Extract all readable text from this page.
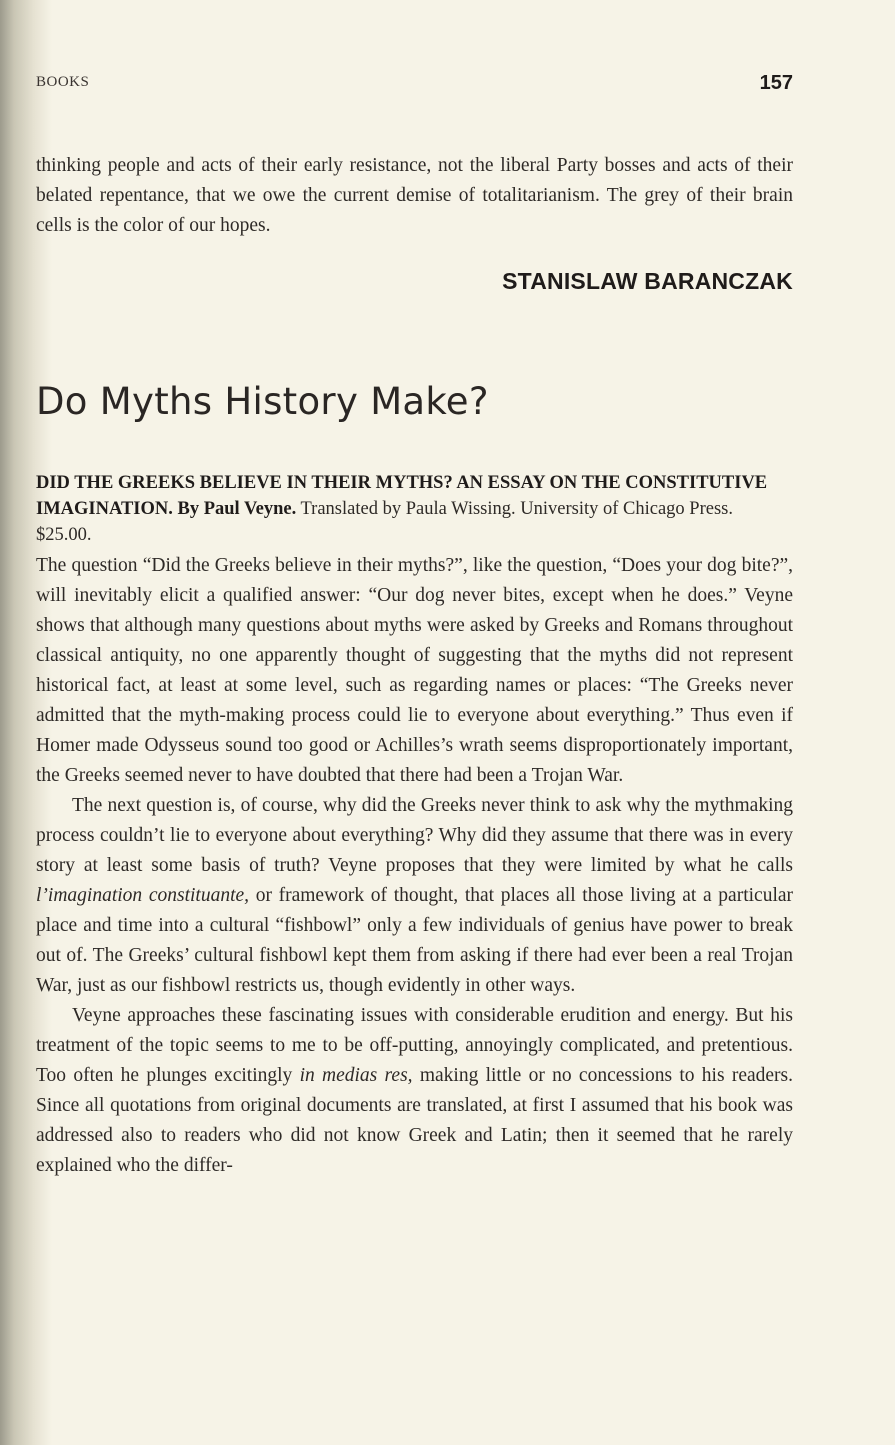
BOOKS	157

thinking people and acts of their early resistance, not the liberal Party bosses and acts of their belated repentance, that we owe the current demise of totalitarianism. The grey of their brain cells is the color of our hopes.

STANISLAW BARANCZAK
Do Myths History Make?
DID THE GREEKS BELIEVE IN THEIR MYTHS? AN ESSAY ON THE CONSTITUTIVE IMAGINATION. By Paul Veyne. Translated by Paula Wissing. University of Chicago Press. $25.00.

The question “Did the Greeks believe in their myths?”, like the question, “Does your dog bite?”, will inevitably elicit a qualified answer: “Our dog never bites, except when he does.” Veyne shows that although many questions about myths were asked by Greeks and Romans throughout classical antiquity, no one apparently thought of suggesting that the myths did not represent historical fact, at least at some level, such as regarding names or places: “The Greeks never admitted that the myth-making process could lie to everyone about everything.” Thus even if Homer made Odysseus sound too good or Achilles’s wrath seems disproportionately important, the Greeks seemed never to have doubted that there had been a Trojan War.

The next question is, of course, why did the Greeks never think to ask why the mythmaking process couldn’t lie to everyone about everything? Why did they assume that there was in every story at least some basis of truth? Veyne proposes that they were limited by what he calls l’imagination constituante, or framework of thought, that places all those living at a particular place and time into a cultural “fishbowl” only a few individuals of genius have power to break out of. The Greeks’ cultural fishbowl kept them from asking if there had ever been a real Trojan War, just as our fishbowl restricts us, though evidently in other ways.

Veyne approaches these fascinating issues with considerable erudition and energy. But his treatment of the topic seems to me to be off-putting, annoyingly complicated, and pretentious. Too often he plunges excitingly in medias res, making little or no concessions to his readers. Since all quotations from original documents are translated, at first I assumed that his book was addressed also to readers who did not know Greek and Latin; then it seemed that he rarely explained who the differ-
